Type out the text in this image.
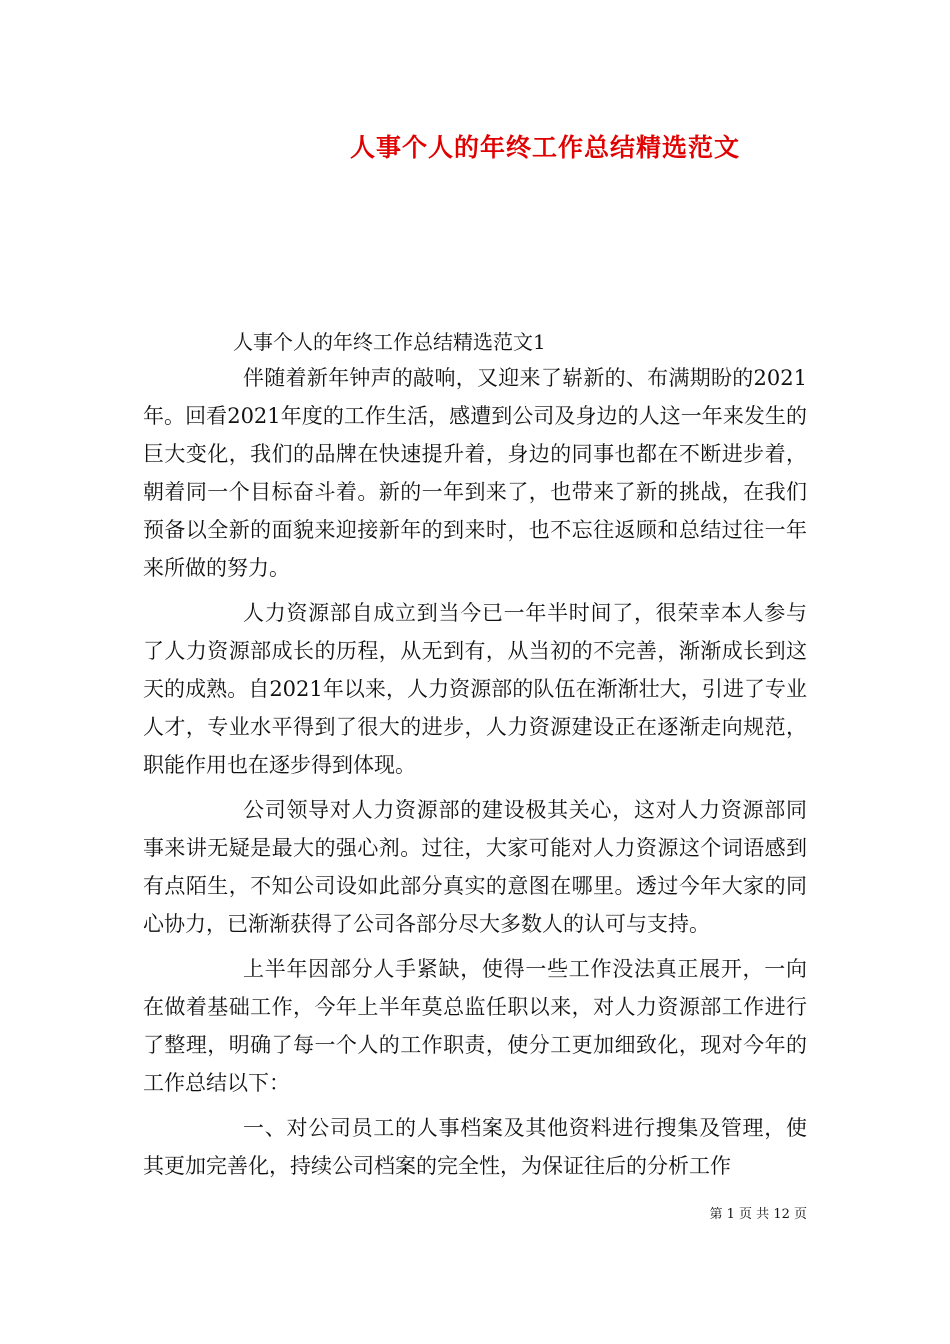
人事个人的年终工作总结精选范文

人事个人的年终工作总结精选范文1

伴随着新年钟声的敲响，又迎来了崭新的、布满期盼的2021年。回看2021年度的工作生活，感遭到公司及身边的人这一年来发生的巨大变化，我们的品牌在快速提升着，身边的同事也都在不断进步着，朝着同一个目标奋斗着。新的一年到来了，也带来了新的挑战，在我们预备以全新的面貌来迎接新年的到来时，也不忘往返顾和总结过往一年来所做的努力。

人力资源部自成立到当今已一年半时间了，很荣幸本人参与了人力资源部成长的历程，从无到有，从当初的不完善，渐渐成长到这天的成熟。自2021年以来，人力资源部的队伍在渐渐壮大，引进了专业人才，专业水平得到了很大的进步，人力资源建设正在逐渐走向规范，职能作用也在逐步得到体现。

公司领导对人力资源部的建设极其关心，这对人力资源部同事来讲无疑是最大的强心剂。过往，大家可能对人力资源这个词语感到有点陌生，不知公司设如此部分真实的意图在哪里。透过今年大家的同心协力，已渐渐获得了公司各部分尽大多数人的认可与支持。

上半年因部分人手紧缺，使得一些工作没法真正展开，一向在做着基础工作，今年上半年莫总监任职以来，对人力资源部工作进行了整理，明确了每一个人的工作职责，使分工更加细致化，现对今年的工作总结以下：

一、对公司员工的人事档案及其他资料进行搜集及管理，使其更加完善化，持续公司档案的完全性，为保证往后的分析工作

第 1 页 共 12 页
